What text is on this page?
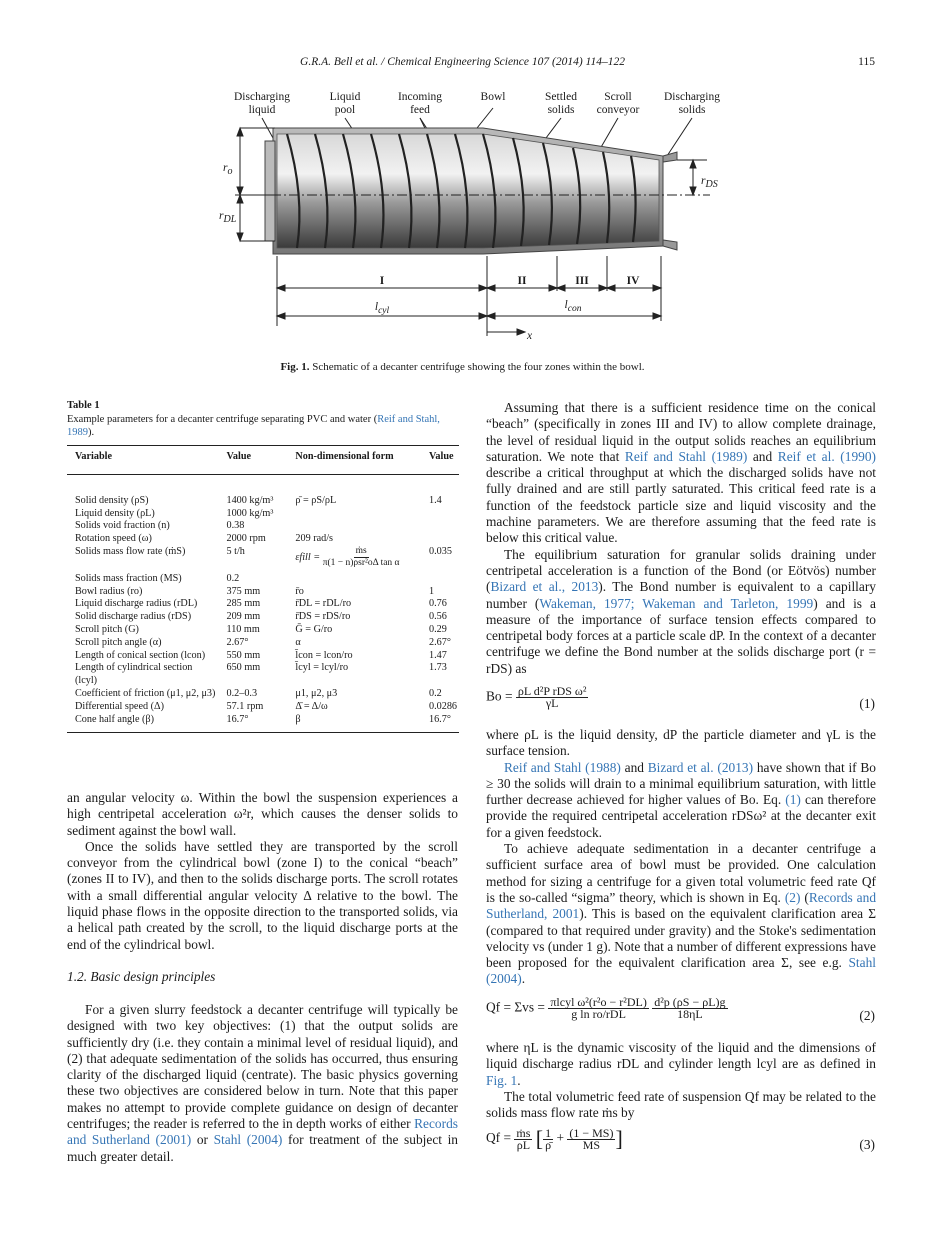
G.R.A. Bell et al. / Chemical Engineering Science 107 (2014) 114–122	115
Discharging liquid
Liquid pool
Incoming feed
Bowl	Settled solids
Scroll conveyor
Discharging solids
ro
rDL
rDS
I	II	III	IV
$l_{cyl}$	$l_{con}$
x
Fig. 1. Schematic of a decanter centrifuge showing the four zones within the bowl.
Table 1
Example parameters for a decanter centrifuge separating PVC and water (Reif and Stahl, 1989).
Variable	Value	Non-dimensional form	Value
Solid density (ρS)	1400 kg/m³	ρ̄ = ρS/ρL	1.4
Liquid density (ρL)	1000 kg/m³		
Solids void fraction (n)	0.38		
Rotation speed (ω)	2000 rpm	209 rad/s	
Solids mass flow rate (ṁS)	5 t/h	εfill = $\frac{\text{ṁs}}{\text{π(1 − n)ρsr²oΔ tan α}}$	0.035
Solids mass fraction (MS)	0.2		
Bowl radius (ro)	375 mm	r̄o	1
Liquid discharge radius (rDL)	285 mm	r̄DL = rDL/ro	0.76
Solid discharge radius (rDS)	209 mm	r̄DS = rDS/ro	0.56
Scroll pitch (G)	110 mm	Ḡ = G/ro	0.29
Scroll pitch angle (α)	2.67°	α	2.67°
Length of conical section (lcon)	550 mm	l̄con = lcon/ro	1.47
Length of cylindrical section (lcyl)	650 mm	l̄cyl = lcyl/ro	1.73
Coefficient of friction (μ1, μ2, μ3)	0.2–0.3	μ1, μ2, μ3	0.2
Differential speed (Δ)	57.1 rpm	Δ̄ = Δ/ω	0.0286
Cone half angle (β)	16.7°	β	16.7°

an angular velocity ω. Within the bowl the suspension experiences a high centripetal acceleration ω²r, which causes the denser solids to sediment against the bowl wall.

Once the solids have settled they are transported by the scroll conveyor from the cylindrical bowl (zone I) to the conical “beach” (zones II to IV), and then to the solids discharge ports. The scroll rotates with a small differential angular velocity Δ relative to the bowl. The liquid phase flows in the opposite direction to the transported solids, via a helical path created by the scroll, to the liquid discharge ports at the end of the cylindrical bowl.

1.2. Basic design principles

For a given slurry feedstock a decanter centrifuge will typically be designed with two key objectives: (1) that the output solids are sufficiently dry (i.e. they contain a minimal level of residual liquid), and (2) that adequate sedimentation of the solids has occurred, thus ensuring clarity of the discharged liquid (centrate). The basic physics governing these two objectives are considered below in turn. Note that this paper makes no attempt to provide complete guidance on design of decanter centrifuges; the reader is referred to the in depth works of either Records and Sutherland (2001) or Stahl (2004) for treatment of the subject in much greater detail.

Assuming that there is a sufficient residence time on the conical “beach” (specifically in zones III and IV) to allow complete drainage, the level of residual liquid in the output solids reaches an equilibrium saturation. We note that Reif and Stahl (1989) and Reif et al. (1990) describe a critical throughput at which the discharged solids have not fully drained and are still partly saturated. This critical feed rate is a function of the feedstock particle size and liquid viscosity and the machine parameters. We are therefore assuming that the feed rate is below this critical value.

The equilibrium saturation for granular solids draining under centripetal acceleration is a function of the Bond (or Eötvös) number (Bizard et al., 2013). The Bond number is equivalent to a capillary number (Wakeman, 1977; Wakeman and Tarleton, 1999) and is a measure of the importance of surface tension effects compared to centripetal body forces at a particle scale dP. In the context of a decanter centrifuge we define the Bond number at the solids discharge port (r = rDS) as

$Bo = \frac{\text{ρL d²P rDS ω²}}{\gamma L}$	(1)

where ρL is the liquid density, dP the particle diameter and γL is the surface tension.

Reif and Stahl (1988) and Bizard et al. (2013) have shown that if Bo ≥ 30 the solids will drain to a minimal equilibrium saturation, with little further decrease achieved for higher values of Bo. Eq. (1) can therefore provide the required centripetal acceleration rDSω² at the decanter exit for a given feedstock.

To achieve adequate sedimentation in a decanter centrifuge a sufficient surface area of bowl must be provided. One calculation method for sizing a centrifuge for a given total volumetric feed rate Qf is the so-called “sigma” theory, which is shown in Eq. (2) (Records and Sutherland, 2001). This is based on the equivalent clarification area Σ (compared to that required under gravity) and the Stoke's sedimentation velocity vs (under 1 g). Note that a number of different expressions have been proposed for the equivalent clarification area Σ, see e.g. Stahl (2004).

$Qf = \Sigma vs = \frac{\text{πlcyl ω²(r²o − r²DL)}}{\text{g ln ro/rDL}}$
$\frac{\text{d²p (ρS − ρL)g}}{18\eta L}$	(2)

where ηL is the dynamic viscosity of the liquid and the dimensions of liquid discharge radius rDL and cylinder length lcyl are as defined in Fig. 1.

The total volumetric feed rate of suspension Qf may be related to the solids mass flow rate ṁs by

$Qf = \frac{\text{ṁs}}{\rho L}$ [ $\frac{1}{\rhō} + \frac{(1 - MS)}{MS}$ ]	(3)
